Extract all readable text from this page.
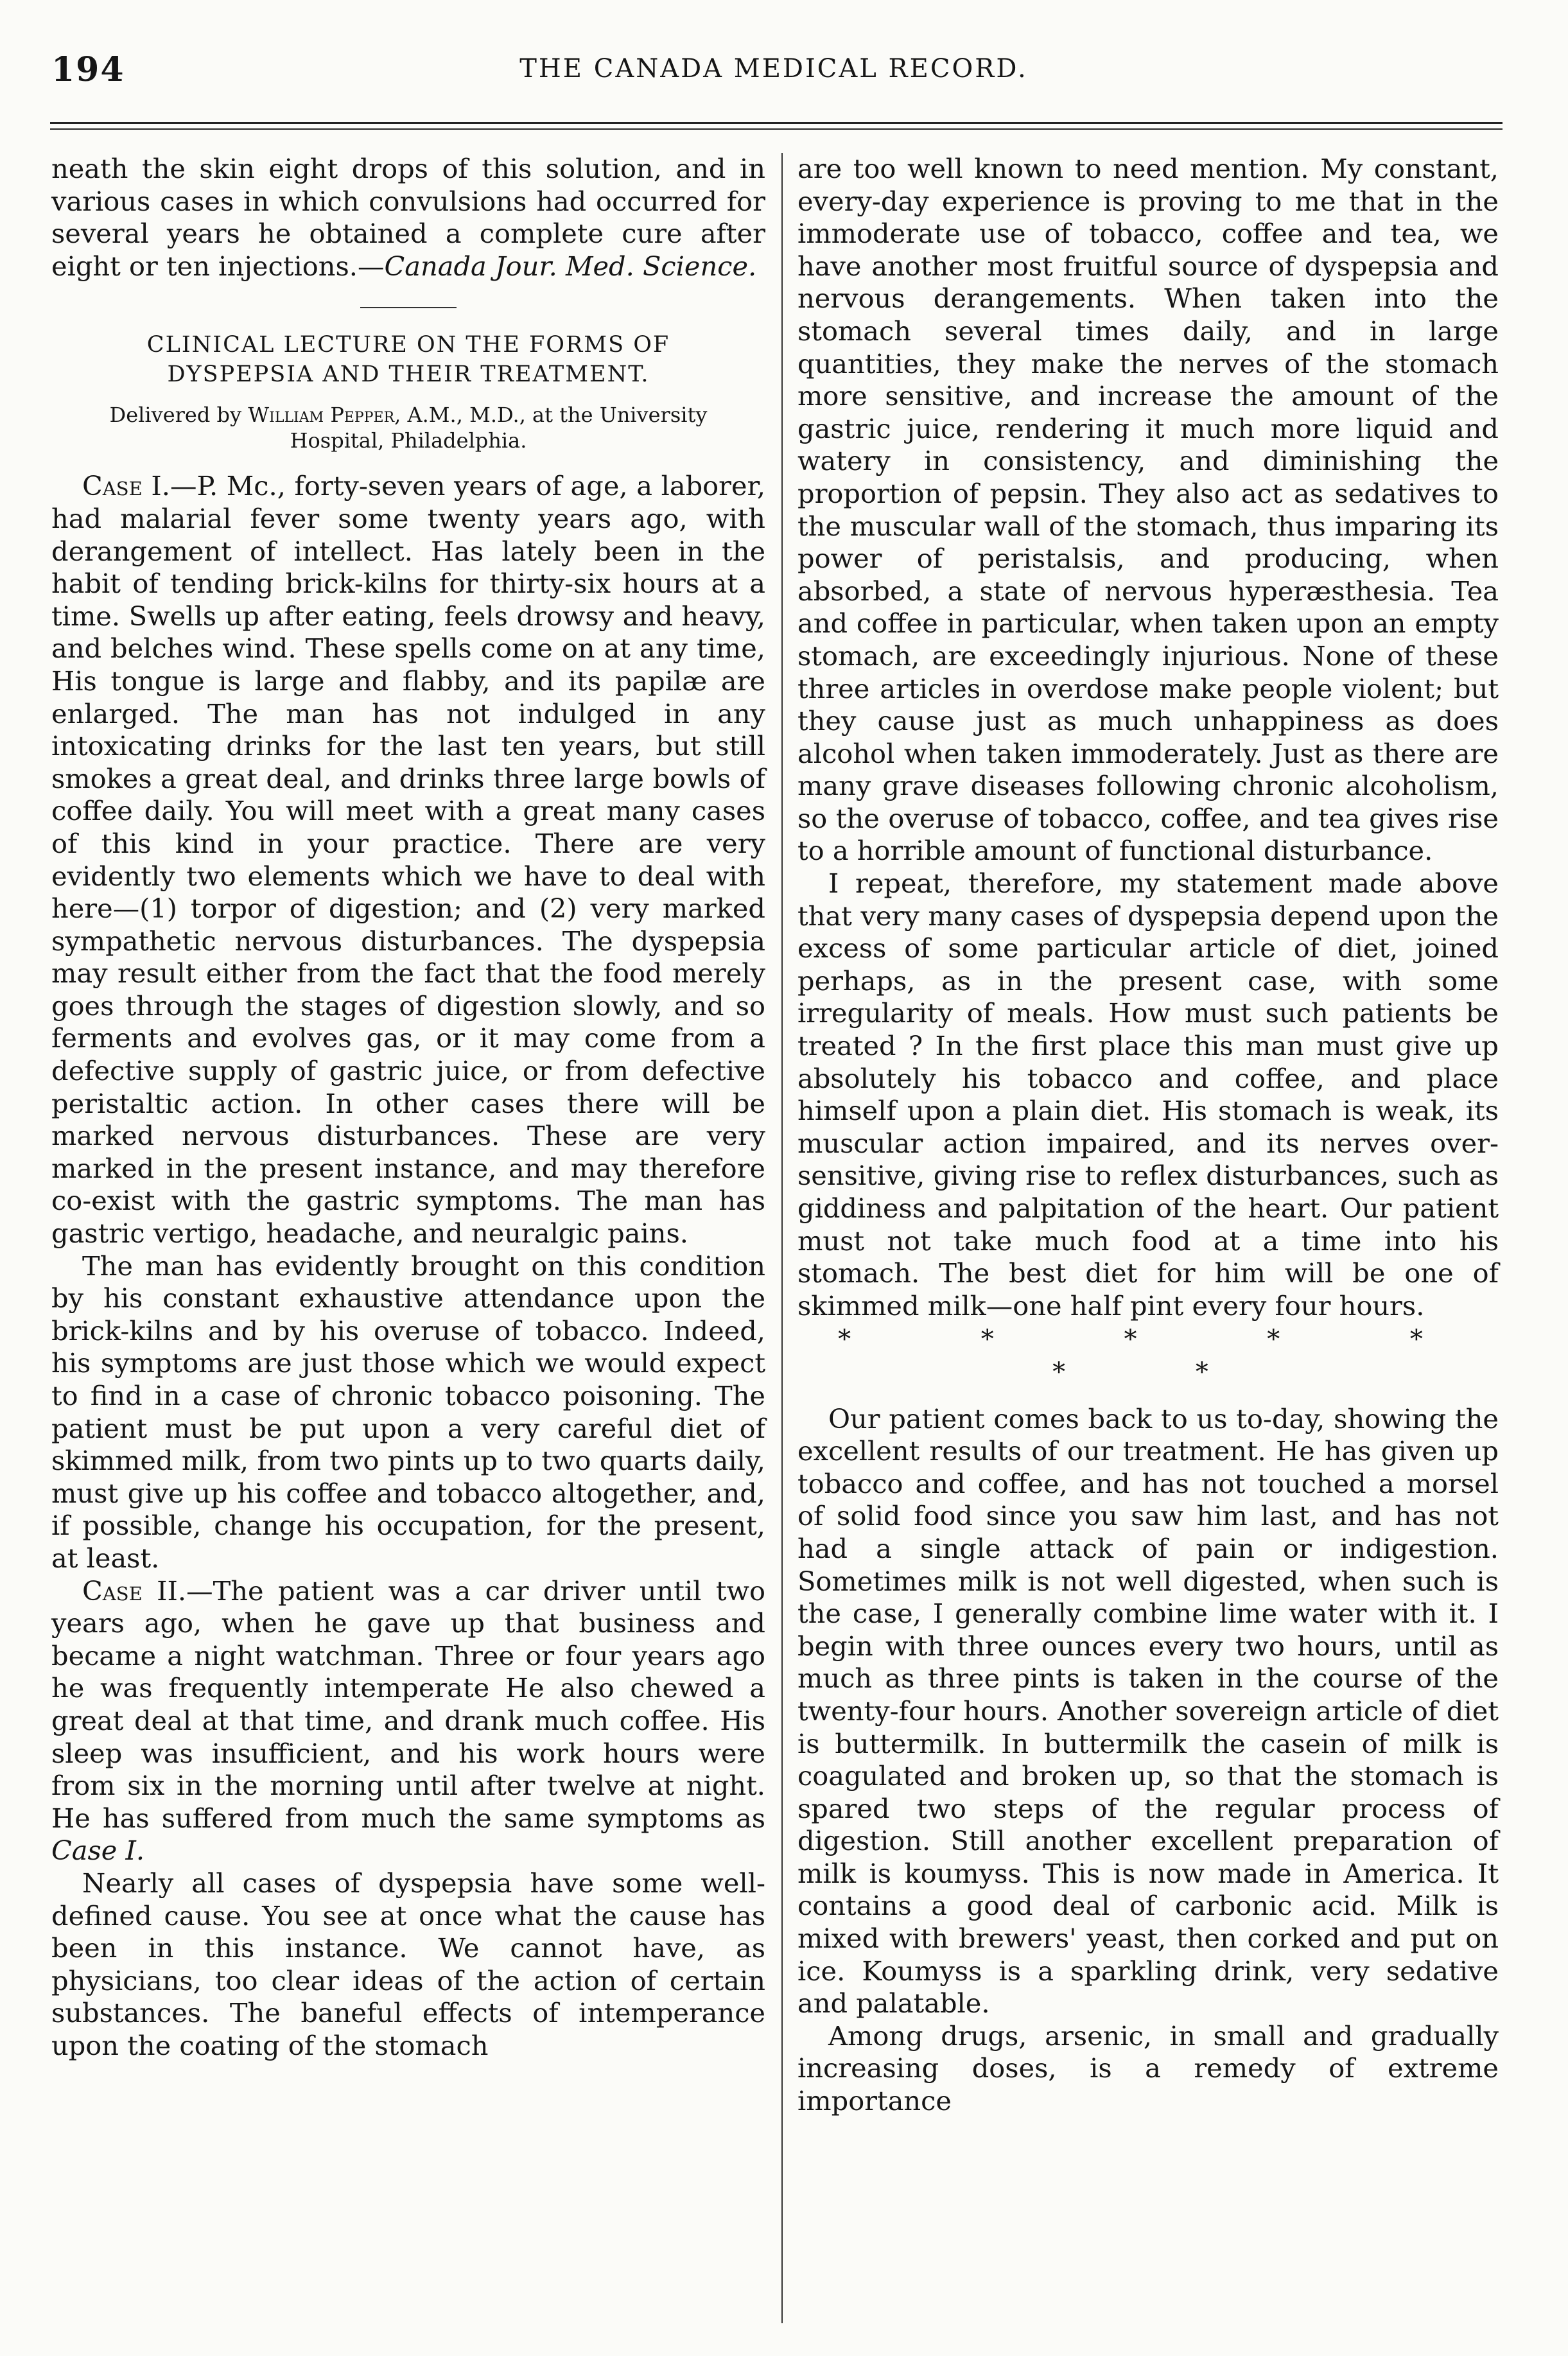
194	THE CANADA MEDICAL RECORD.

neath the skin eight drops of this solution, and in various cases in which convulsions had occurred for several years he obtained a complete cure after eight or ten injections.—Canada Jour. Med. Science.

CLINICAL LECTURE ON THE FORMS OF DYSPEPSIA AND THEIR TREATMENT.
Delivered by William Pepper, A.M., M.D., at the University Hospital, Philadelphia.

Case I.—P. Mc., forty-seven years of age, a laborer, had malarial fever some twenty years ago, with derangement of intellect. Has lately been in the habit of tending brick-kilns for thirty-six hours at a time. Swells up after eating, feels drowsy and heavy, and belches wind. These spells come on at any time, His tongue is large and flabby, and its papilæ are enlarged. The man has not indulged in any intoxicating drinks for the last ten years, but still smokes a great deal, and drinks three large bowls of coffee daily. You will meet with a great many cases of this kind in your practice. There are very evidently two elements which we have to deal with here—(1) torpor of digestion; and (2) very marked sympathetic nervous disturbances. The dyspepsia may result either from the fact that the food merely goes through the stages of digestion slowly, and so ferments and evolves gas, or it may come from a defective supply of gastric juice, or from defective peristaltic action. In other cases there will be marked nervous disturbances. These are very marked in the present instance, and may therefore co-exist with the gastric symptoms. The man has gastric vertigo, headache, and neuralgic pains.

The man has evidently brought on this condition by his constant exhaustive attendance upon the brick-kilns and by his overuse of tobacco. Indeed, his symptoms are just those which we would expect to find in a case of chronic tobacco poisoning. The patient must be put upon a very careful diet of skimmed milk, from two pints up to two quarts daily, must give up his coffee and tobacco altogether, and, if possible, change his occupation, for the present, at least.

Case II.—The patient was a car driver until two years ago, when he gave up that business and became a night watchman. Three or four years ago he was frequently intemperate He also chewed a great deal at that time, and drank much coffee. His sleep was insufficient, and his work hours were from six in the morning until after twelve at night. He has suffered from much the same symptoms as Case I.

Nearly all cases of dyspepsia have some well-defined cause. You see at once what the cause has been in this instance. We cannot have, as physicians, too clear ideas of the action of certain substances. The baneful effects of intemperance upon the coating of the stomach

are too well known to need mention. My constant, every-day experience is proving to me that in the immoderate use of tobacco, coffee and tea, we have another most fruitful source of dyspepsia and nervous derangements. When taken into the stomach several times daily, and in large quantities, they make the nerves of the stomach more sensitive, and increase the amount of the gastric juice, rendering it much more liquid and watery in consistency, and diminishing the proportion of pepsin. They also act as sedatives to the muscular wall of the stomach, thus imparing its power of peristalsis, and producing, when absorbed, a state of nervous hyperæsthesia. Tea and coffee in particular, when taken upon an empty stomach, are exceedingly injurious. None of these three articles in overdose make people violent; but they cause just as much unhappiness as does alcohol when taken immoderately. Just as there are many grave diseases following chronic alcoholism, so the overuse of tobacco, coffee, and tea gives rise to a horrible amount of functional disturbance.

I repeat, therefore, my statement made above that very many cases of dyspepsia depend upon the excess of some particular article of diet, joined perhaps, as in the present case, with some irregularity of meals. How must such patients be treated ? In the first place this man must give up absolutely his tobacco and coffee, and place himself upon a plain diet. His stomach is weak, its muscular action impaired, and its nerves over-sensitive, giving rise to reflex disturbances, such as giddiness and palpitation of the heart. Our patient must not take much food at a time into his stomach. The best diet for him will be one of skimmed milk—one half pint every four hours.

* * * * * * *

Our patient comes back to us to-day, showing the excellent results of our treatment. He has given up tobacco and coffee, and has not touched a morsel of solid food since you saw him last, and has not had a single attack of pain or indigestion. Sometimes milk is not well digested, when such is the case, I generally combine lime water with it. I begin with three ounces every two hours, until as much as three pints is taken in the course of the twenty-four hours. Another sovereign article of diet is buttermilk. In buttermilk the casein of milk is coagulated and broken up, so that the stomach is spared two steps of the regular process of digestion. Still another excellent preparation of milk is koumyss. This is now made in America. It contains a good deal of carbonic acid. Milk is mixed with brewers' yeast, then corked and put on ice. Koumyss is a sparkling drink, very sedative and palatable.

Among drugs, arsenic, in small and gradually increasing doses, is a remedy of extreme importance
